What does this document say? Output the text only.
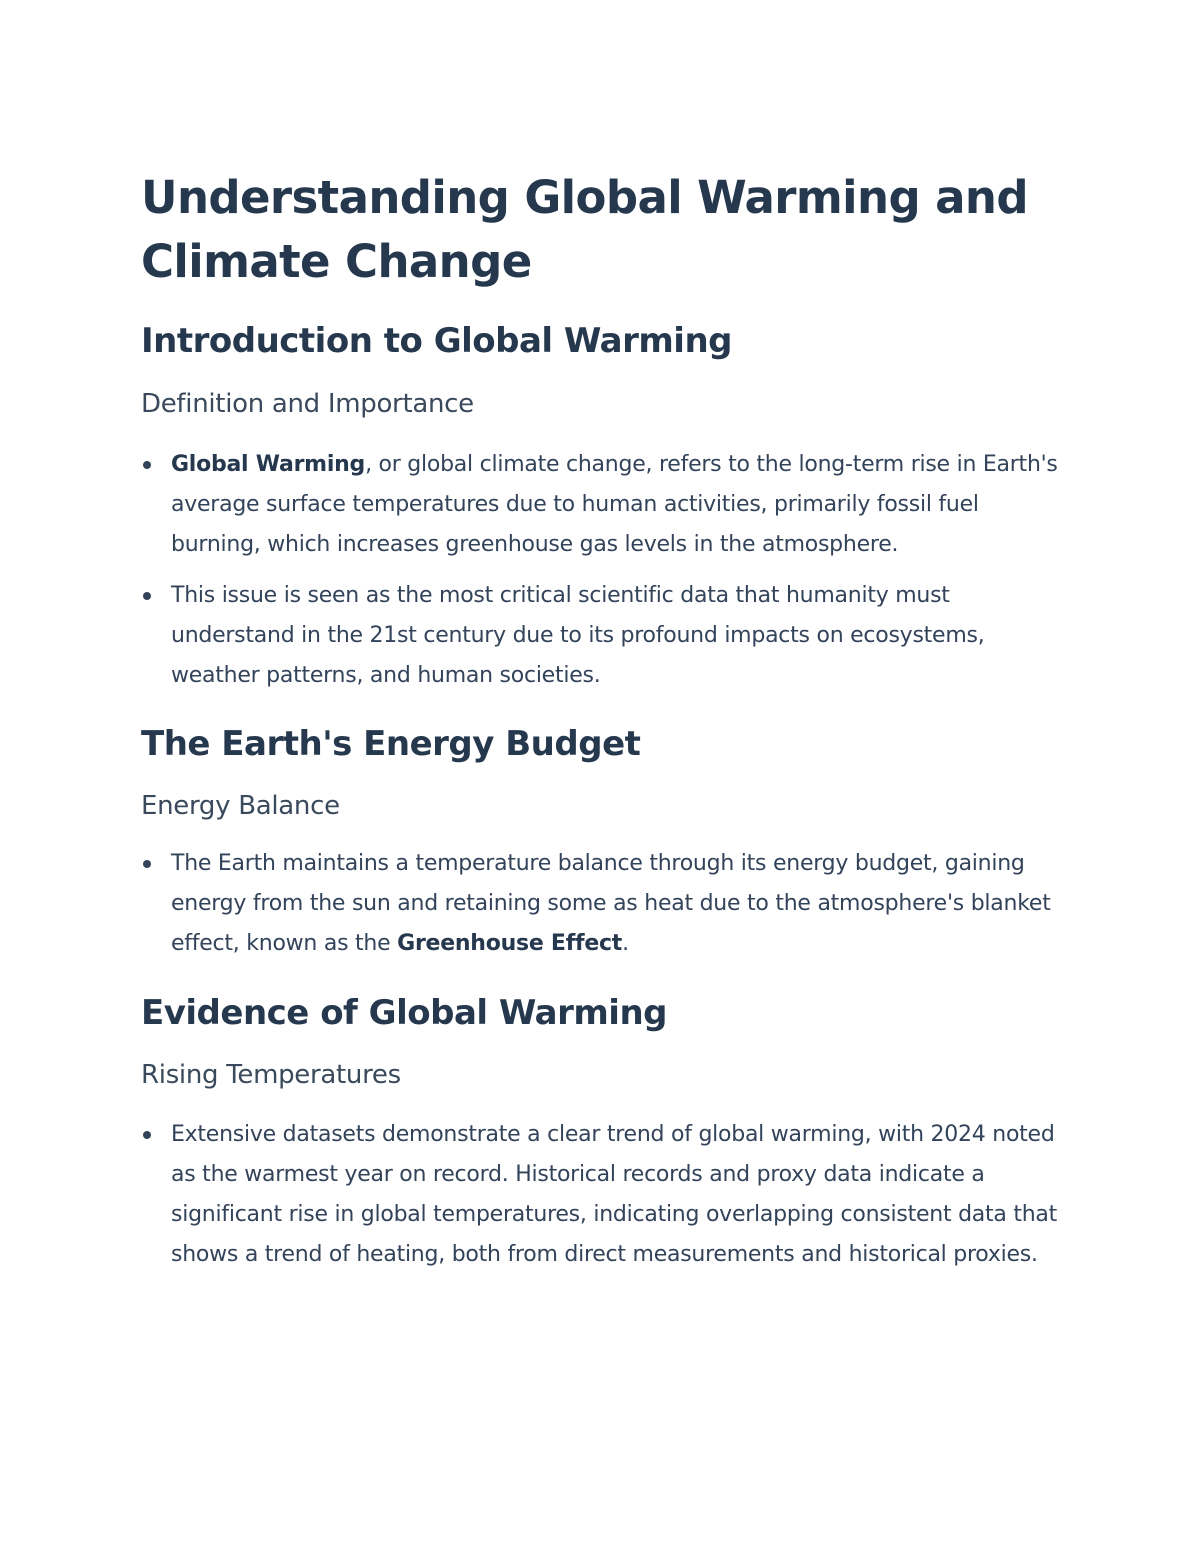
Understanding Global Warming and Climate Change
Introduction to Global Warming
Definition and Importance
Global Warming, or global climate change, refers to the long-term rise in Earth's average surface temperatures due to human activities, primarily fossil fuel burning, which increases greenhouse gas levels in the atmosphere.
This issue is seen as the most critical scientific data that humanity must understand in the 21st century due to its profound impacts on ecosystems, weather patterns, and human societies.
The Earth's Energy Budget
Energy Balance
The Earth maintains a temperature balance through its energy budget, gaining energy from the sun and retaining some as heat due to the atmosphere's blanket effect, known as the Greenhouse Effect.
Evidence of Global Warming
Rising Temperatures
Extensive datasets demonstrate a clear trend of global warming, with 2024 noted as the warmest year on record. Historical records and proxy data indicate a significant rise in global temperatures, indicating overlapping consistent data that shows a trend of heating, both from direct measurements and historical proxies.
